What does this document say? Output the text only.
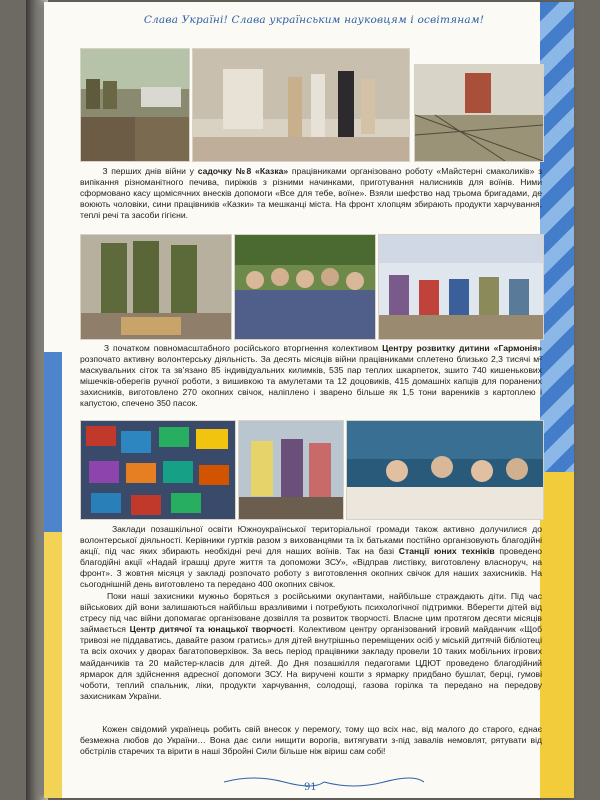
Слава Україні! Слава українським науковцям і освітянам!
З перших днів війни у садочку №8 «Казка» працівниками організовано роботу «Майстерні смаколиків» з випікання різноманітного печива, пиріжків з різними начинками, приготування налисників для воїнів. Ними сформовано касу щомісячних внесків допомоги «Все для тебе, воїне». Взяли шефство над трьома бригадами, де воюють чоловіки, сини працівників «Казки» та мешканці міста. На фронт хлопцям збирають продукти харчування, теплі речі та засоби гігієни.
З початком повномасштабного російського вторгнення колективом Центру розвитку дитини «Гармонія» розпочато активну волонтерську діяльність. За десять місяців війни працівниками сплетено близько 2,3 тисячі м² маскувальних сіток та зв’язано 85 індивідуальних килимків, 535 пар теплих шкарпеток, зшито 740 кишенькових мішечків-оберегів ручної роботи, з вишивкою та амулетами та 12 доцовиків, 415 домашніх капців для поранених захисників, виготовлено 270 окопних свічок, наліплено і зварено більше як 1,5 тони вареників з картоплею і капустою, спечено 350 пасок.
Заклади позашкільної освіти Южноукраїнської територіальної громади також активно долучилися до волонтерської діяльності. Керівники гуртків разом з вихованцями та їх батьками постійно організовують благодійні акції, під час яких збирають необхідні речі для наших воїнів. Так на базі Станції юних техніків проведено благодійні акції «Надай іграшці друге життя та допоможи ЗСУ», «Відправ листівку, виготовлену власноруч, на фронт». З жовтня місяця у закладі розпочато роботу з виготовлення окопних свічок для наших захисників. На сьогоднішній день виготовлено та передано 400 окопних свічок.
Поки наші захисники мужньо боряться з російськими окупантами, найбільше страждають діти. Під час військових дій вони залишаються найбільш вразливими і потребують психологічної підтримки. Вберегти дітей від стресу під час війни допомагає організоване дозвілля та розвиток творчості. Власне цим протягом десяти місяців займається Центр дитячої та юнацької творчості. Колективом центру організований ігровий майданчик «Щоб тривозі не піддаватись, давайте разом гратись» для дітей внутрішньо переміщених осіб у міській дитячій бібліотеці та всіх охочих у дворах багатоповерхівок. За весь період працівники закладу провели 10 таких мобільних ігрових майданчиків та 20 майстер-класів для дітей. До Дня позашкілля педагогами ЦДЮТ проведено благодійний ярмарок для здійснення адресної допомоги ЗСУ. На виручені кошти з ярмарку придбано бушлат, берці, гумові чоботи, теплий спальник, ліки, продукти харчування, солодощі, газова горілка та передано на передову захисникам України.
Кожен свідомий українець робить свій внесок у перемогу, тому що всіх нас, від малого до старого, єднає безмежна любов до України… Вона дає сили нищити ворогів, витягувати з-під завалів немовлят, рятувати від обстрілів старечих та вірити в наші Збройні Сили більше ніж віриш сам собі!
91
